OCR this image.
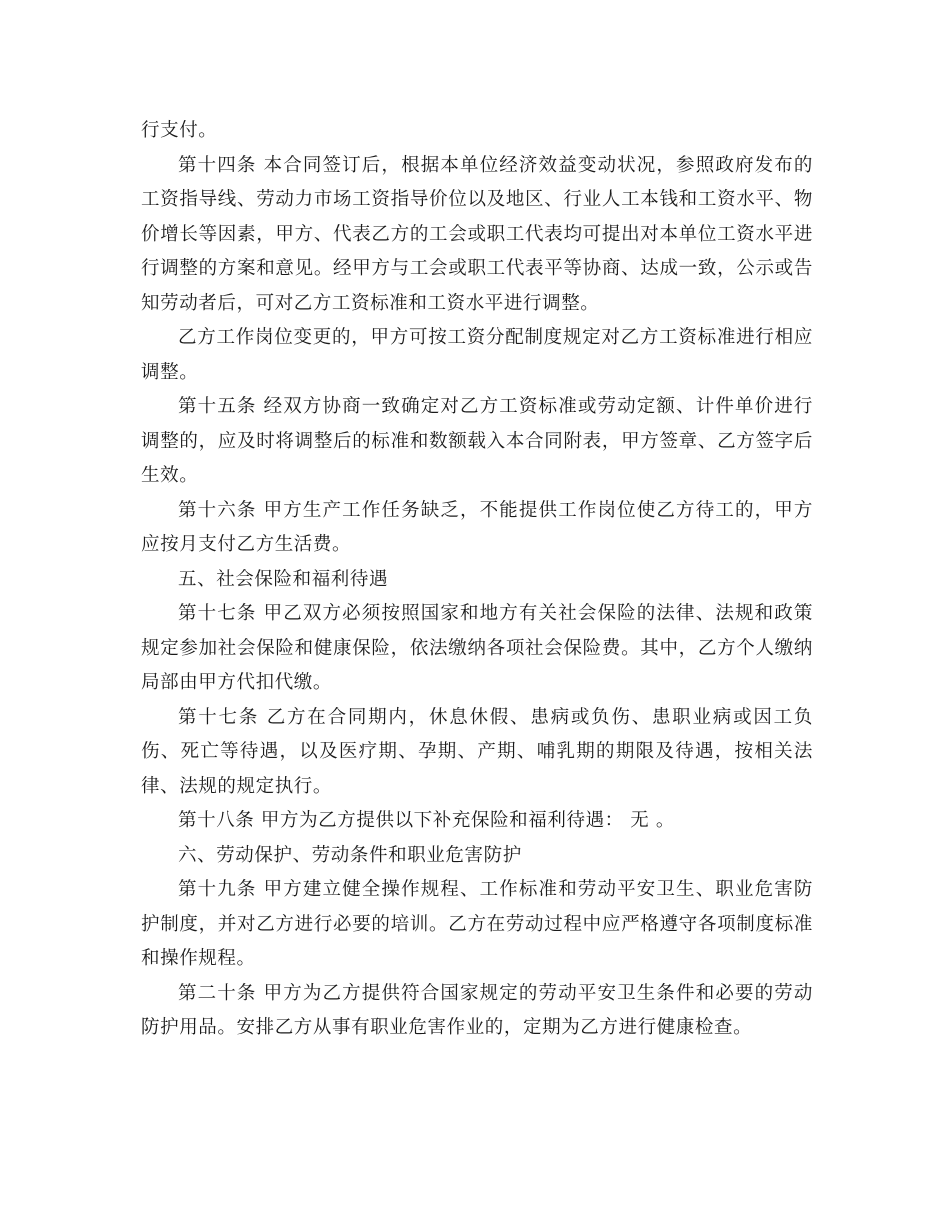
行支付。

第十四条 本合同签订后，根据本单位经济效益变动状况，参照政府发布的工资指导线、劳动力市场工资指导价位以及地区、行业人工本钱和工资水平、物价增长等因素，甲方、代表乙方的工会或职工代表均可提出对本单位工资水平进行调整的方案和意见。经甲方与工会或职工代表平等协商、达成一致，公示或告知劳动者后，可对乙方工资标准和工资水平进行调整。

乙方工作岗位变更的，甲方可按工资分配制度规定对乙方工资标准进行相应调整。

第十五条 经双方协商一致确定对乙方工资标准或劳动定额、计件单价进行调整的，应及时将调整后的标准和数额载入本合同附表，甲方签章、乙方签字后生效。

第十六条 甲方生产工作任务缺乏，不能提供工作岗位使乙方待工的，甲方应按月支付乙方生活费。

五、社会保险和福利待遇

第十七条 甲乙双方必须按照国家和地方有关社会保险的法律、法规和政策规定参加社会保险和健康保险，依法缴纳各项社会保险费。其中，乙方个人缴纳局部由甲方代扣代缴。

第十七条 乙方在合同期内，休息休假、患病或负伤、患职业病或因工负伤、死亡等待遇，以及医疗期、孕期、产期、哺乳期的期限及待遇，按相关法律、法规的规定执行。

第十八条 甲方为乙方提供以下补充保险和福利待遇： 无 。

六、劳动保护、劳动条件和职业危害防护

第十九条 甲方建立健全操作规程、工作标准和劳动平安卫生、职业危害防护制度，并对乙方进行必要的培训。乙方在劳动过程中应严格遵守各项制度标准和操作规程。

第二十条 甲方为乙方提供符合国家规定的劳动平安卫生条件和必要的劳动防护用品。安排乙方从事有职业危害作业的，定期为乙方进行健康检查。
